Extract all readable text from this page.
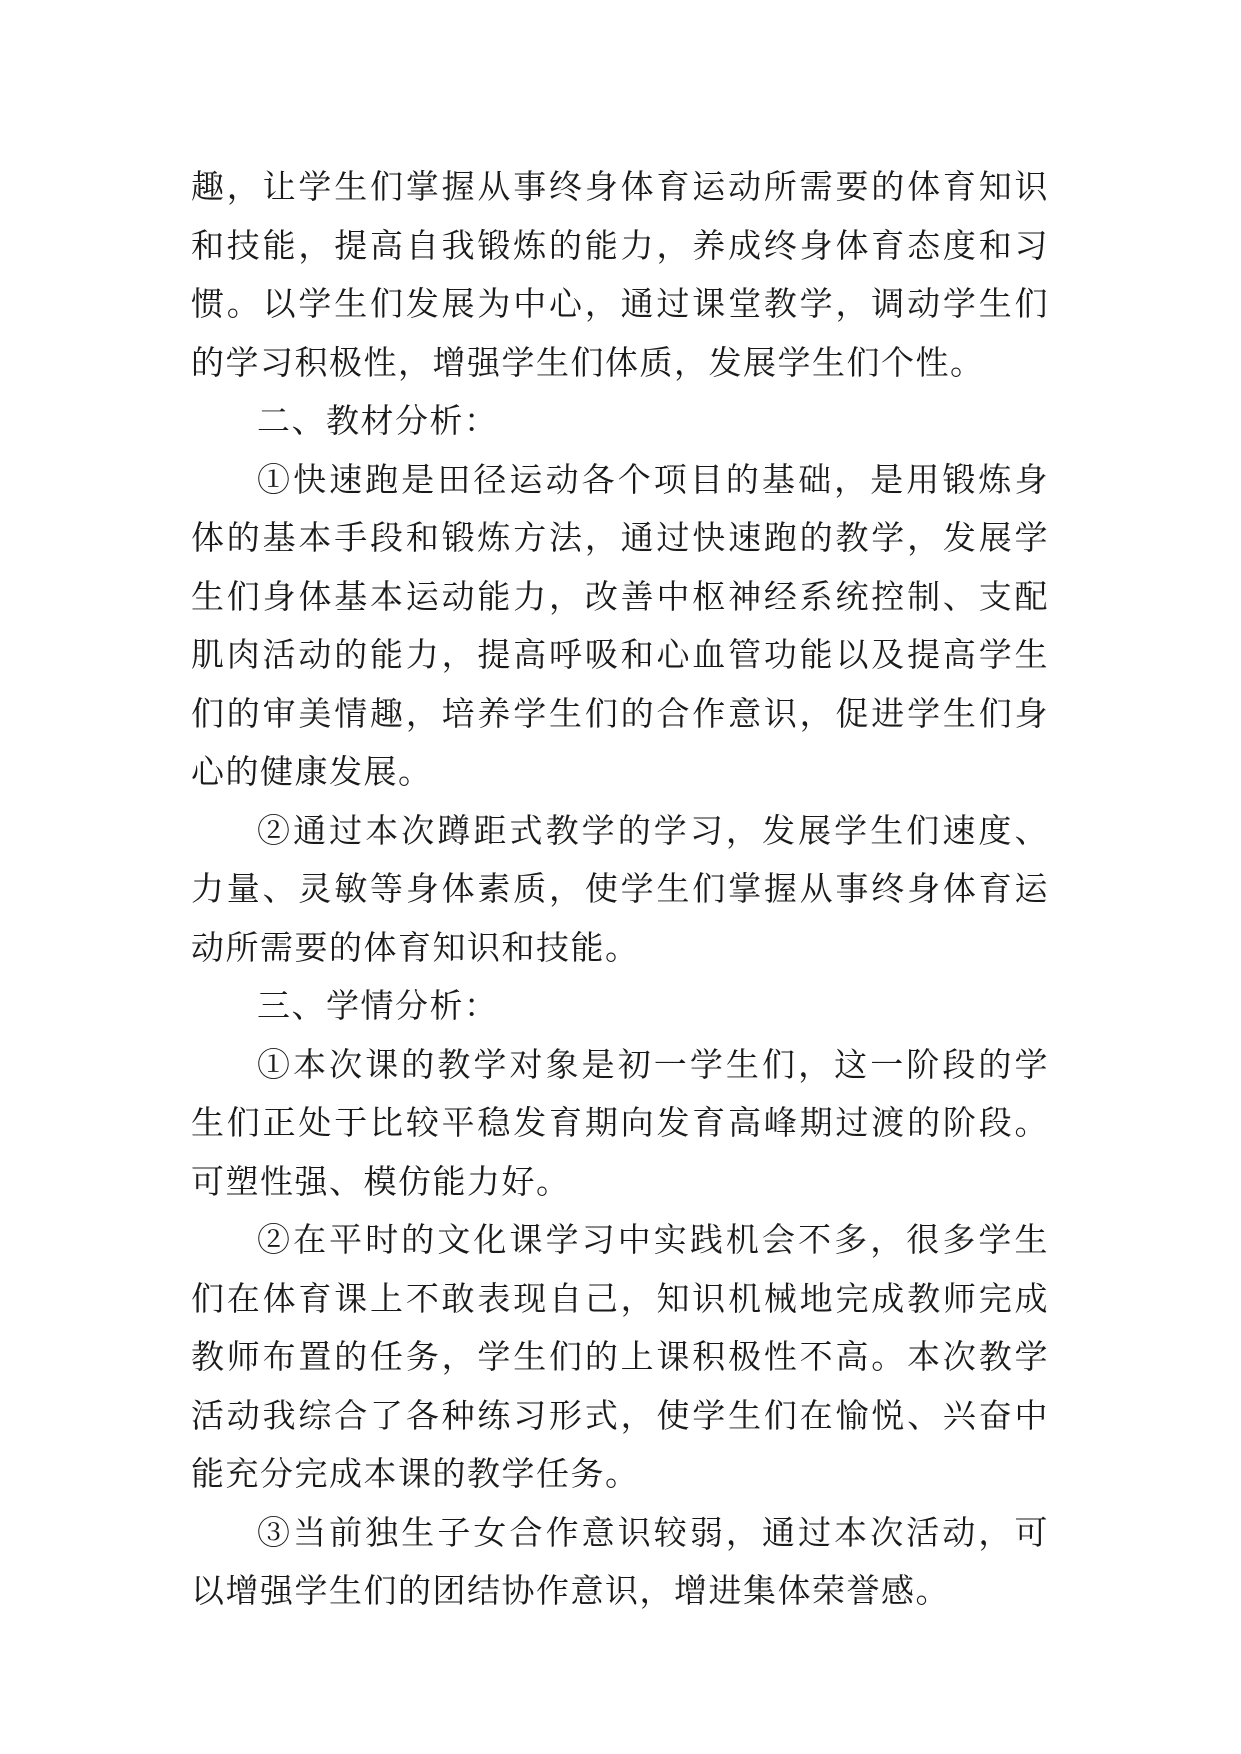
趣，让学生们掌握从事终身体育运动所需要的体育知识和技能，提高自我锻炼的能力，养成终身体育态度和习惯。以学生们发展为中心，通过课堂教学，调动学生们的学习积极性，增强学生们体质，发展学生们个性。

二、教材分析：

①快速跑是田径运动各个项目的基础，是用锻炼身体的基本手段和锻炼方法，通过快速跑的教学，发展学生们身体基本运动能力，改善中枢神经系统控制、支配肌肉活动的能力，提高呼吸和心血管功能以及提高学生们的审美情趣，培养学生们的合作意识，促进学生们身心的健康发展。

②通过本次蹲距式教学的学习，发展学生们速度、力量、灵敏等身体素质，使学生们掌握从事终身体育运动所需要的体育知识和技能。

三、学情分析：

①本次课的教学对象是初一学生们，这一阶段的学生们正处于比较平稳发育期向发育高峰期过渡的阶段。可塑性强、模仿能力好。

②在平时的文化课学习中实践机会不多，很多学生们在体育课上不敢表现自己，知识机械地完成教师完成教师布置的任务，学生们的上课积极性不高。本次教学活动我综合了各种练习形式，使学生们在愉悦、兴奋中能充分完成本课的教学任务。

③当前独生子女合作意识较弱，通过本次活动，可以增强学生们的团结协作意识，增进集体荣誉感。
